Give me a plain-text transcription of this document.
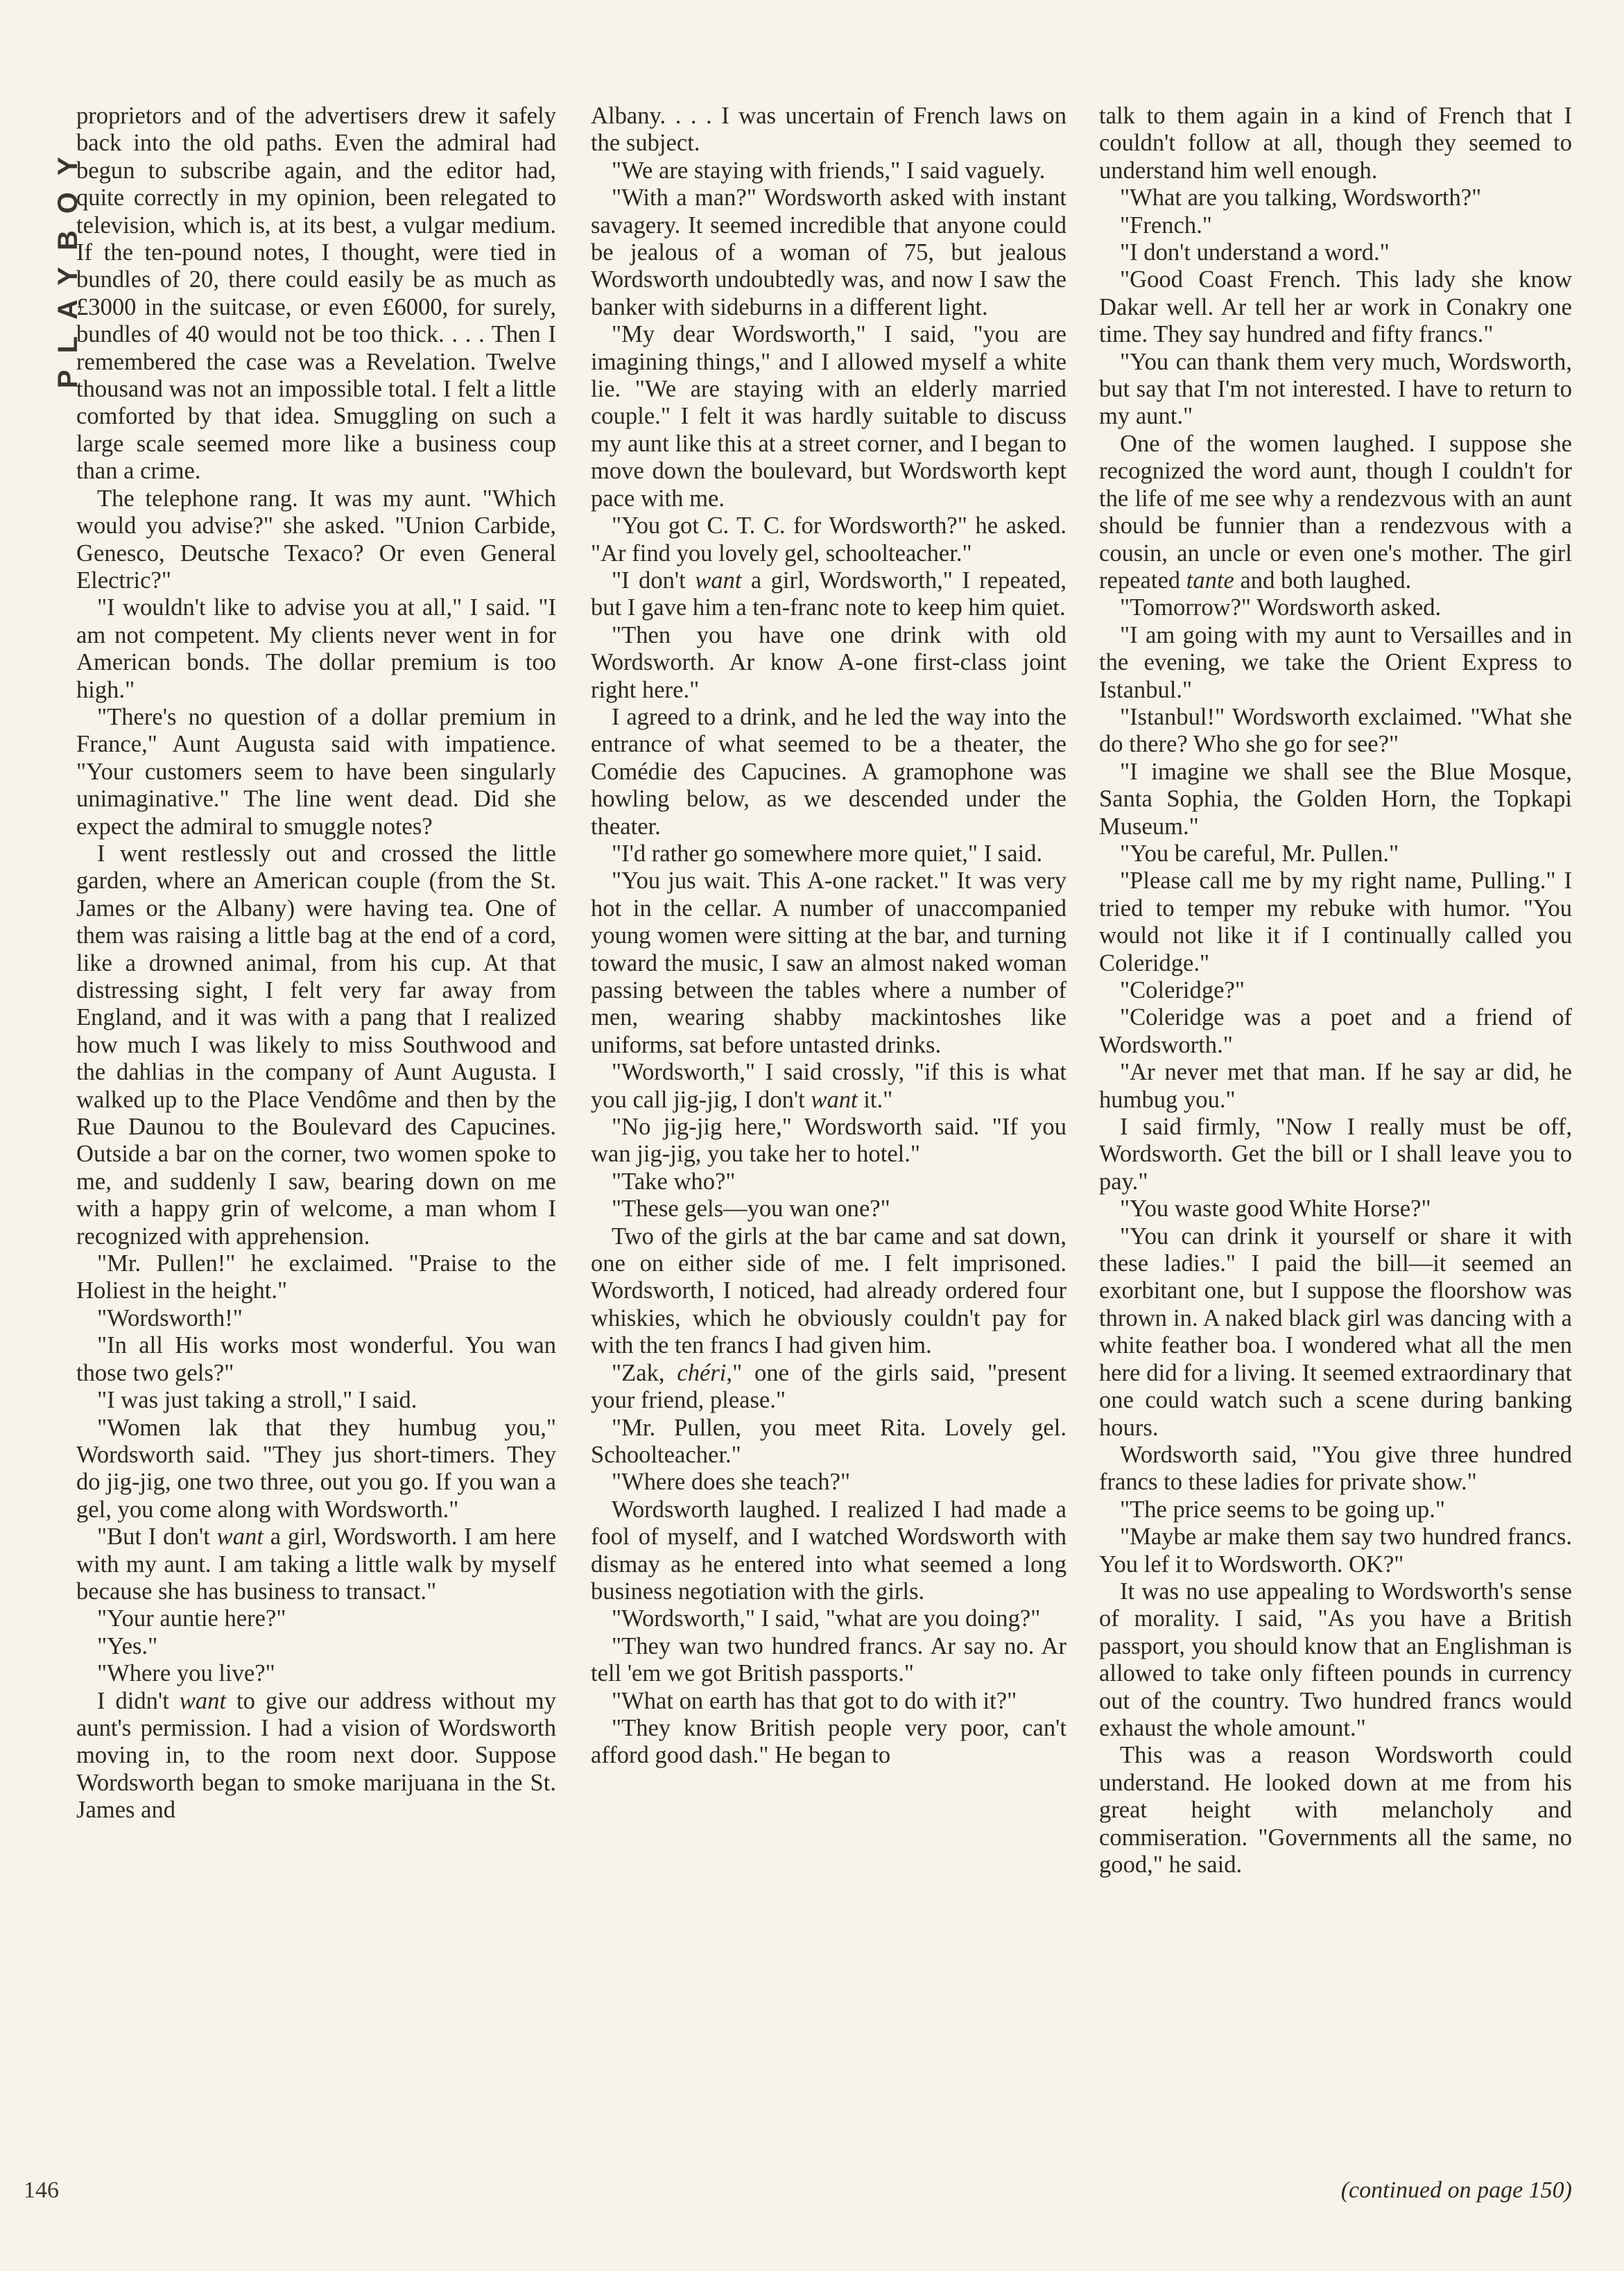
PLAYBOY

proprietors and of the advertisers drew it safely back into the old paths. Even the admiral had begun to subscribe again, and the editor had, quite correctly in my opinion, been relegated to television, which is, at its best, a vulgar medium. If the ten-pound notes, I thought, were tied in bundles of 20, there could easily be as much as £3000 in the suitcase, or even £6000, for surely, bundles of 40 would not be too thick. . . . Then I remembered the case was a Revelation. Twelve thousand was not an impossible total. I felt a little comforted by that idea. Smuggling on such a large scale seemed more like a business coup than a crime.

The telephone rang. It was my aunt. "Which would you advise?" she asked. "Union Carbide, Genesco, Deutsche Texaco? Or even General Electric?"

"I wouldn't like to advise you at all," I said. "I am not competent. My clients never went in for American bonds. The dollar premium is too high."

"There's no question of a dollar premium in France," Aunt Augusta said with impatience. "Your customers seem to have been singularly unimaginative." The line went dead. Did she expect the admiral to smuggle notes?

I went restlessly out and crossed the little garden, where an American couple (from the St. James or the Albany) were having tea. One of them was raising a little bag at the end of a cord, like a drowned animal, from his cup. At that distressing sight, I felt very far away from England, and it was with a pang that I realized how much I was likely to miss Southwood and the dahlias in the company of Aunt Augusta. I walked up to the Place Vendôme and then by the Rue Daunou to the Boulevard des Capucines. Outside a bar on the corner, two women spoke to me, and suddenly I saw, bearing down on me with a happy grin of welcome, a man whom I recognized with apprehension.

"Mr. Pullen!" he exclaimed. "Praise to the Holiest in the height."

"Wordsworth!"

"In all His works most wonderful. You wan those two gels?"

"I was just taking a stroll," I said.

"Women lak that they humbug you," Wordsworth said. "They jus short-timers. They do jig-jig, one two three, out you go. If you wan a gel, you come along with Wordsworth."

"But I don't want a girl, Wordsworth. I am here with my aunt. I am taking a little walk by myself because she has business to transact."

"Your auntie here?"

"Yes."

"Where you live?"

I didn't want to give our address without my aunt's permission. I had a vision of Wordsworth moving in, to the room next door. Suppose Wordsworth began to smoke marijuana in the St. James and

Albany. . . . I was uncertain of French laws on the subject.

"We are staying with friends," I said vaguely.

"With a man?" Wordsworth asked with instant savagery. It seemed incredible that anyone could be jealous of a woman of 75, but jealous Wordsworth undoubtedly was, and now I saw the banker with sideburns in a different light.

"My dear Wordsworth," I said, "you are imagining things," and I allowed myself a white lie. "We are staying with an elderly married couple." I felt it was hardly suitable to discuss my aunt like this at a street corner, and I began to move down the boulevard, but Wordsworth kept pace with me.

"You got C. T. C. for Wordsworth?" he asked. "Ar find you lovely gel, schoolteacher."

"I don't want a girl, Wordsworth," I repeated, but I gave him a ten-franc note to keep him quiet.

"Then you have one drink with old Wordsworth. Ar know A-one first-class joint right here."

I agreed to a drink, and he led the way into the entrance of what seemed to be a theater, the Comédie des Capucines. A gramophone was howling below, as we descended under the theater.

"I'd rather go somewhere more quiet," I said.

"You jus wait. This A-one racket." It was very hot in the cellar. A number of unaccompanied young women were sitting at the bar, and turning toward the music, I saw an almost naked woman passing between the tables where a number of men, wearing shabby mackintoshes like uniforms, sat before untasted drinks.

"Wordsworth," I said crossly, "if this is what you call jig-jig, I don't want it."

"No jig-jig here," Wordsworth said. "If you wan jig-jig, you take her to hotel."

"Take who?"

"These gels—you wan one?"

Two of the girls at the bar came and sat down, one on either side of me. I felt imprisoned. Wordsworth, I noticed, had already ordered four whiskies, which he obviously couldn't pay for with the ten francs I had given him.

"Zak, chéri," one of the girls said, "present your friend, please."

"Mr. Pullen, you meet Rita. Lovely gel. Schoolteacher."

"Where does she teach?"

Wordsworth laughed. I realized I had made a fool of myself, and I watched Wordsworth with dismay as he entered into what seemed a long business negotiation with the girls.

"Wordsworth," I said, "what are you doing?"

"They wan two hundred francs. Ar say no. Ar tell 'em we got British passports."

"What on earth has that got to do with it?"

"They know British people very poor, can't afford good dash." He began to

talk to them again in a kind of French that I couldn't follow at all, though they seemed to understand him well enough.

"What are you talking, Wordsworth?"

"French."

"I don't understand a word."

"Good Coast French. This lady she know Dakar well. Ar tell her ar work in Conakry one time. They say hundred and fifty francs."

"You can thank them very much, Wordsworth, but say that I'm not interested. I have to return to my aunt."

One of the women laughed. I suppose she recognized the word aunt, though I couldn't for the life of me see why a rendezvous with an aunt should be funnier than a rendezvous with a cousin, an uncle or even one's mother. The girl repeated tante and both laughed.

"Tomorrow?" Wordsworth asked.

"I am going with my aunt to Versailles and in the evening, we take the Orient Express to Istanbul."

"Istanbul!" Wordsworth exclaimed. "What she do there? Who she go for see?"

"I imagine we shall see the Blue Mosque, Santa Sophia, the Golden Horn, the Topkapi Museum."

"You be careful, Mr. Pullen."

"Please call me by my right name, Pulling." I tried to temper my rebuke with humor. "You would not like it if I continually called you Coleridge."

"Coleridge?"

"Coleridge was a poet and a friend of Wordsworth."

"Ar never met that man. If he say ar did, he humbug you."

I said firmly, "Now I really must be off, Wordsworth. Get the bill or I shall leave you to pay."

"You waste good White Horse?"

"You can drink it yourself or share it with these ladies." I paid the bill—it seemed an exorbitant one, but I suppose the floorshow was thrown in. A naked black girl was dancing with a white feather boa. I wondered what all the men here did for a living. It seemed extraordinary that one could watch such a scene during banking hours.

Wordsworth said, "You give three hundred francs to these ladies for private show."

"The price seems to be going up."

"Maybe ar make them say two hundred francs. You lef it to Wordsworth. OK?"

It was no use appealing to Wordsworth's sense of morality. I said, "As you have a British passport, you should know that an Englishman is allowed to take only fifteen pounds in currency out of the country. Two hundred francs would exhaust the whole amount."

This was a reason Wordsworth could understand. He looked down at me from his great height with melancholy and commiseration. "Governments all the same, no good," he said.

146	(continued on page 150)
